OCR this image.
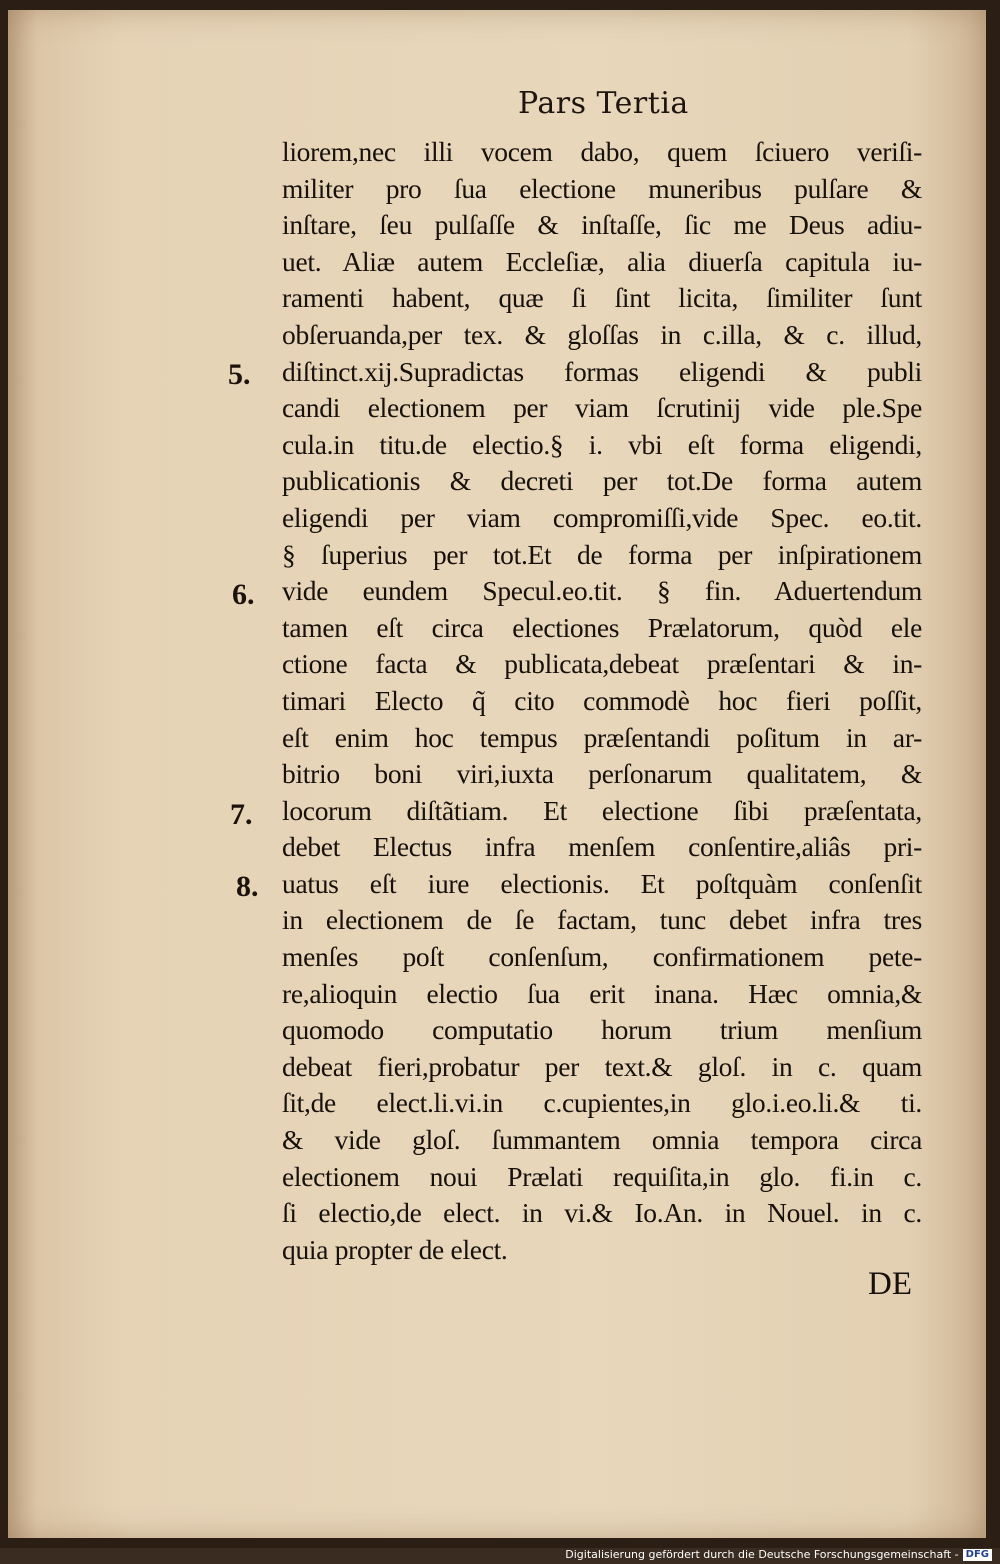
Pars Tertia
liorem,nec illi vocem dabo, quem ſciuero veriſi-
militer pro ſua electione muneribus pulſare &
inſtare, ſeu pulſaſſe & inſtaſſe, ſic me Deus adiu-
uet. Aliæ autem Eccleſiæ, alia diuerſa capitula iu-
ramenti habent, quæ ſi ſint licita, ſimiliter ſunt
obſeruanda,per tex. & gloſſas in c.illa, & c. illud,
diſtinct.xij.Supradictas formas eligendi & publi
candi electionem per viam ſcrutinij vide ple.Spe
cula.in titu.de electio.§ i. vbi eſt forma eligendi,
publicationis & decreti per tot.De forma autem
eligendi per viam compromiſſi,vide Spec. eo.tit.
§ ſuperius per tot.Et de forma per inſpirationem
vide eundem Specul.eo.tit. § fin. Aduertendum
tamen eſt circa electiones Prælatorum, quòd ele
ctione facta & publicata,debeat præſentari & in-
timari Electo q̃ cito commodè hoc fieri poſſit,
eſt enim hoc tempus præſentandi poſitum in ar-
bitrio boni viri,iuxta perſonarum qualitatem, &
locorum diſtãtiam. Et electione ſibi præſentata,
debet Electus infra menſem conſentire,aliâs pri-
uatus eſt iure electionis. Et poſtquàm conſenſit
in electionem de ſe factam, tunc debet infra tres
menſes poſt conſenſum, confirmationem pete-
re,alioquin electio ſua erit inana. Hæc omnia,&
quomodo computatio horum trium menſium
debeat fieri,probatur per text.& gloſ. in c. quam
ſit,de elect.li.vi.in c.cupientes,in glo.i.eo.li.& ti.
& vide gloſ. ſummantem omnia tempora circa
electionem noui Prælati requiſita,in glo. fi.in c.
ſi electio,de elect. in vi.& Io.An. in Nouel. in c.
quia propter de elect.
5.
6.
7.
8.
DE
Digitalisierung gefördert durch die Deutsche Forschungsgemeinschaft - DFG
